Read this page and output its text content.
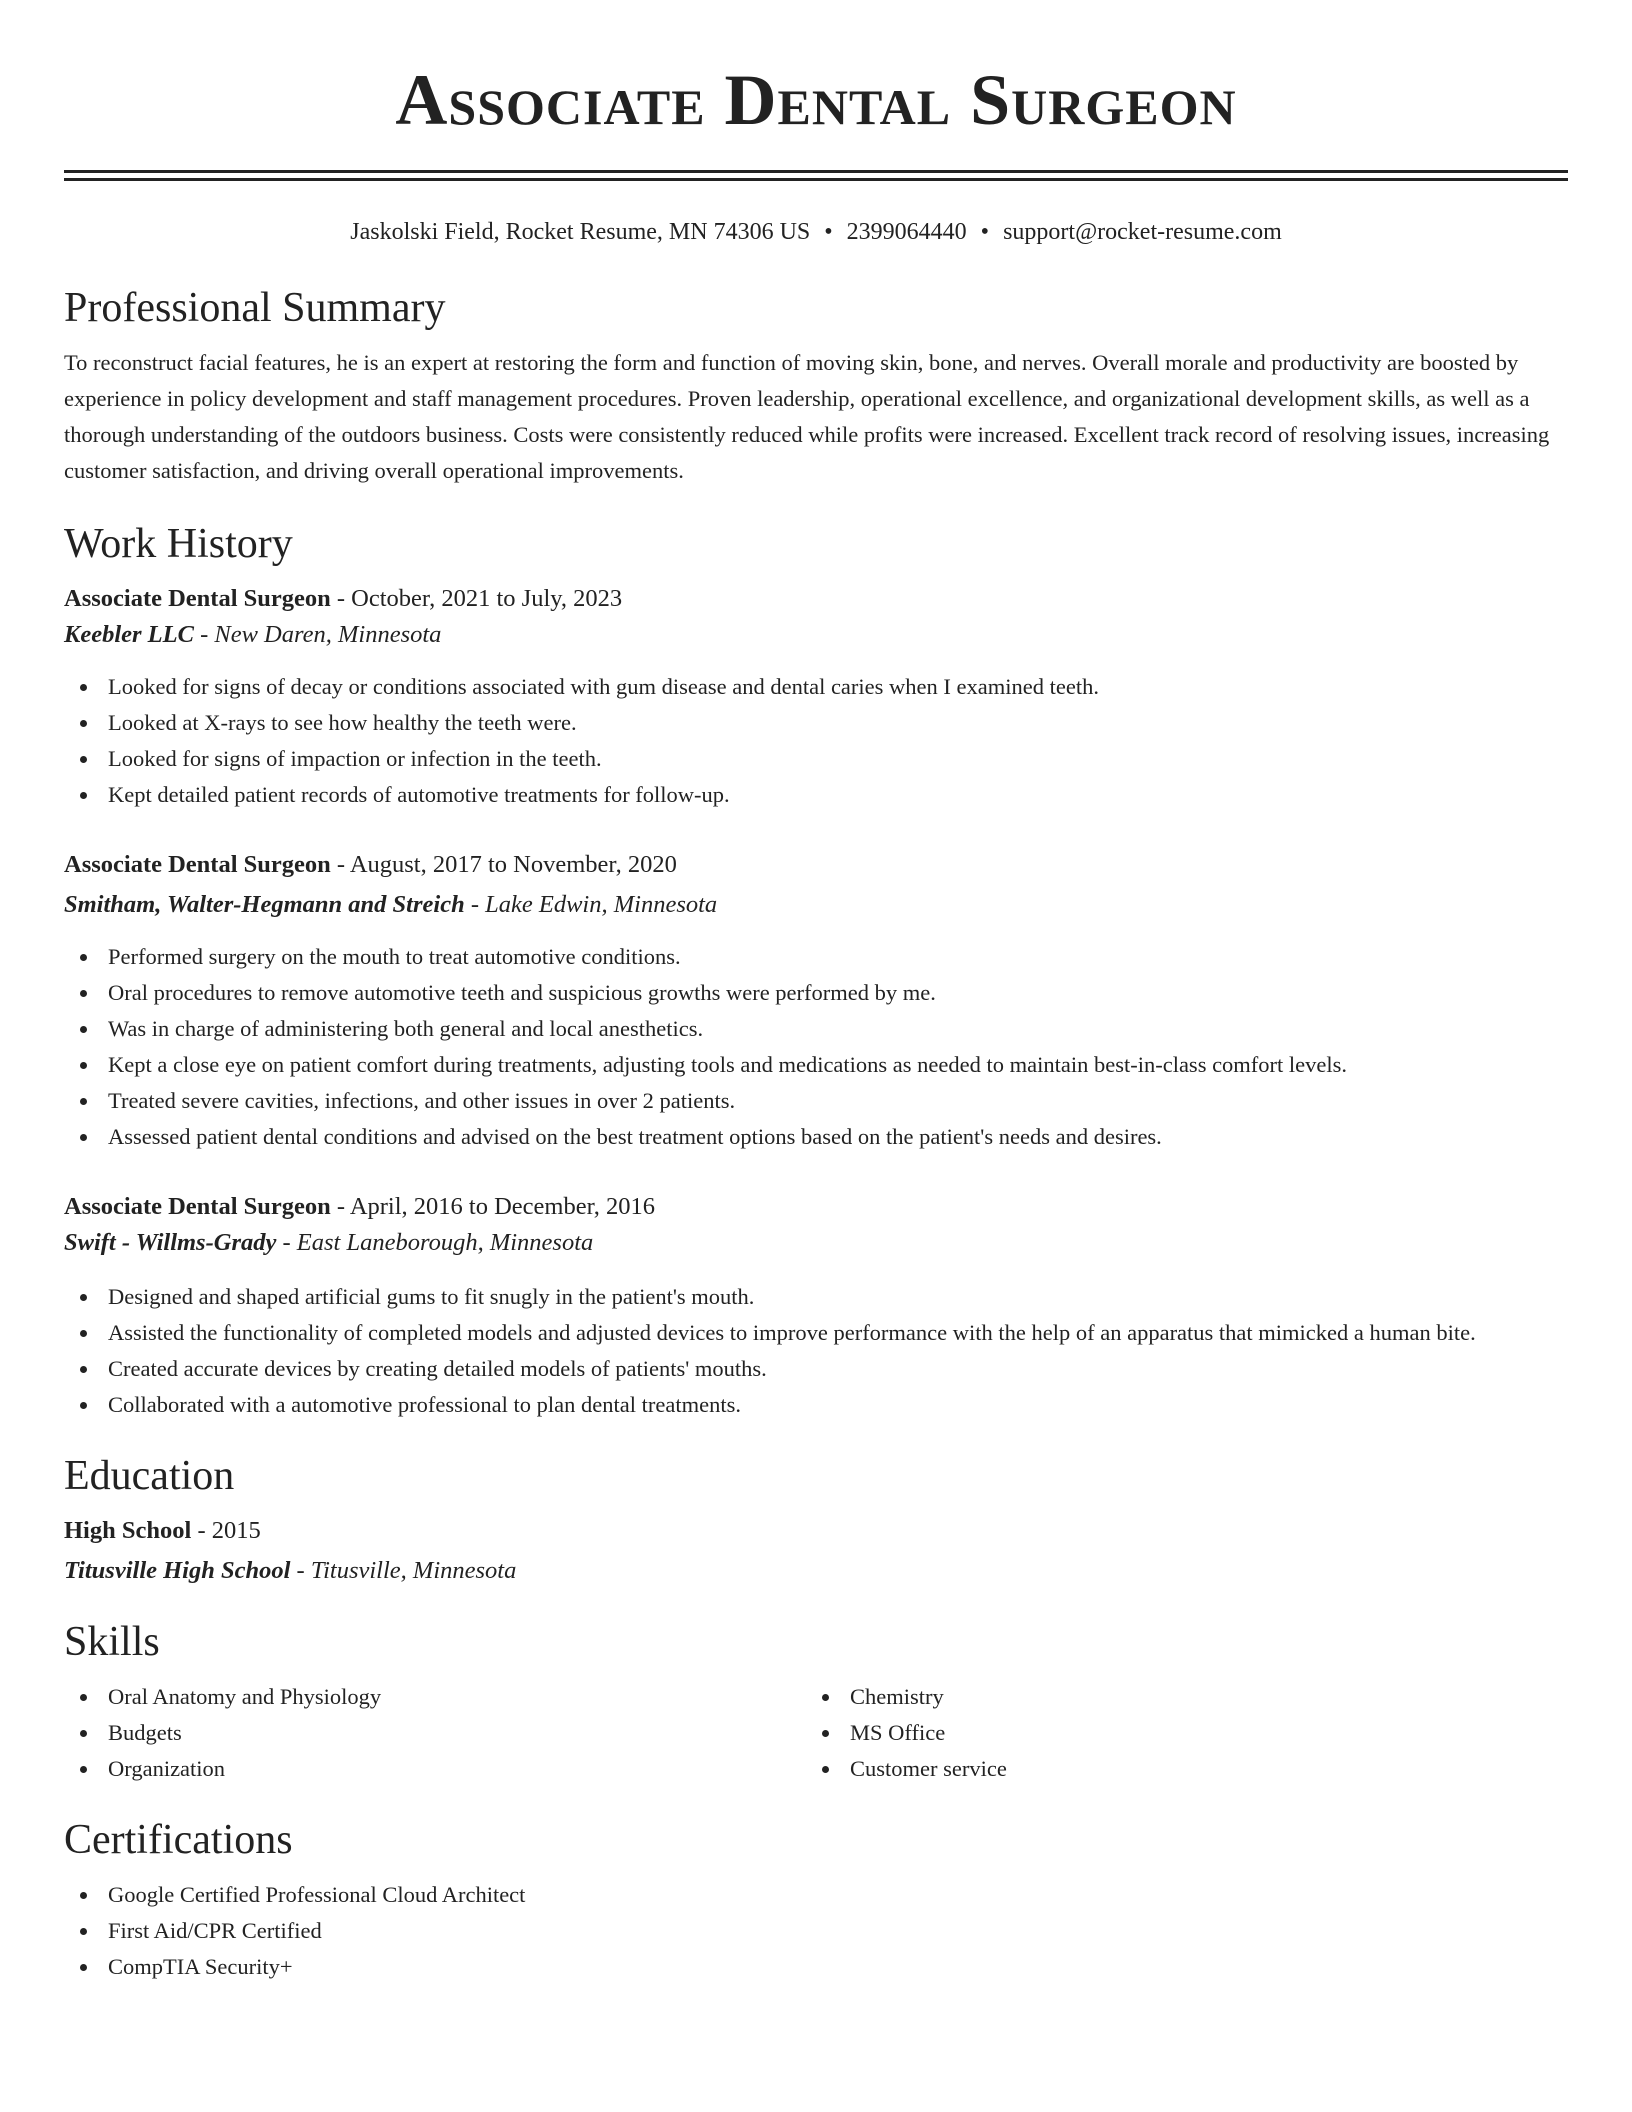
Associate Dental Surgeon
Jaskolski Field, Rocket Resume, MN 74306 US • 2399064440 • support@rocket-resume.com
Professional Summary

To reconstruct facial features, he is an expert at restoring the form and function of moving skin, bone, and nerves. Overall morale and productivity are boosted by experience in policy development and staff management procedures. Proven leadership, operational excellence, and organizational development skills, as well as a thorough understanding of the outdoors business. Costs were consistently reduced while profits were increased. Excellent track record of resolving issues, increasing customer satisfaction, and driving overall operational improvements.

Work History
Associate Dental Surgeon - October, 2021 to July, 2023
Keebler LLC - New Daren, Minnesota
Looked for signs of decay or conditions associated with gum disease and dental caries when I examined teeth.
Looked at X-rays to see how healthy the teeth were.
Looked for signs of impaction or infection in the teeth.
Kept detailed patient records of automotive treatments for follow-up.
Associate Dental Surgeon - August, 2017 to November, 2020
Smitham, Walter-Hegmann and Streich - Lake Edwin, Minnesota
Performed surgery on the mouth to treat automotive conditions.
Oral procedures to remove automotive teeth and suspicious growths were performed by me.
Was in charge of administering both general and local anesthetics.
Kept a close eye on patient comfort during treatments, adjusting tools and medications as needed to maintain best-in-class comfort levels.
Treated severe cavities, infections, and other issues in over 2 patients.
Assessed patient dental conditions and advised on the best treatment options based on the patient's needs and desires.
Associate Dental Surgeon - April, 2016 to December, 2016
Swift - Willms-Grady - East Laneborough, Minnesota
Designed and shaped artificial gums to fit snugly in the patient's mouth.
Assisted the functionality of completed models and adjusted devices to improve performance with the help of an apparatus that mimicked a human bite.
Created accurate devices by creating detailed models of patients' mouths.
Collaborated with a automotive professional to plan dental treatments.
Education
High School - 2015
Titusville High School - Titusville, Minnesota
Skills
Oral Anatomy and Physiology
Budgets
Organization
Chemistry
MS Office
Customer service
Certifications
Google Certified Professional Cloud Architect
First Aid/CPR Certified
CompTIA Security+
